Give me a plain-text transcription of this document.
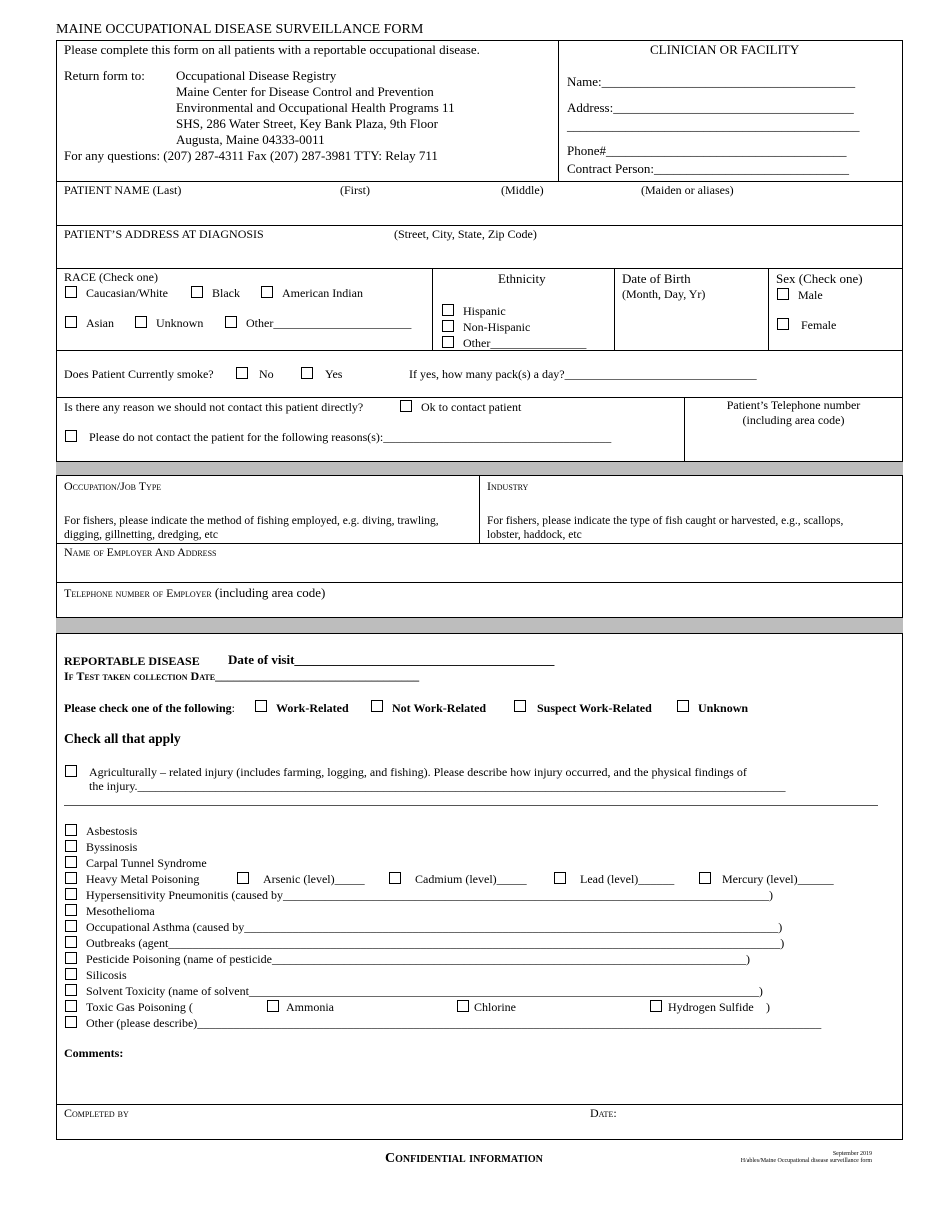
MAINE OCCUPATIONAL DISEASE SURVEILLANCE FORM
Please complete this form on all patients with a reportable occupational disease.
Return form to: Occupational Disease Registry
Maine Center for Disease Control and Prevention
Environmental and Occupational Health Programs 11
SHS, 286 Water Street, Key Bank Plaza, 9th Floor
Augusta, Maine 04333-0011
For any questions: (207) 287-4311 Fax (207) 287-3981 TTY: Relay 711
CLINICIAN OR FACILITY
Name:_______________________________________
Address:_____________________________________
_____________________________________________
Phone#_____________________________________
Contract Person:______________________________
PATIENT NAME (Last)	(First)	(Middle)	(Maiden or aliases)
PATIENT’S ADDRESS AT DIAGNOSIS	(Street, City, State, Zip Code)
RACE (Check one)
Caucasian/White	Black	American Indian
Asian	Unknown	Other_______________________
Ethnicity
Hispanic
Non-Hispanic
Other________________
Date of Birth
(Month, Day, Yr)
Sex (Check one)
Male
Female
Does Patient Currently smoke?	No	Yes	If yes, how many pack(s) a day?________________________________
Is there any reason we should not contact this patient directly?	Ok to contact patient
Please do not contact the patient for the following reasons(s):______________________________________
Patient’s Telephone number
(including area code)
Occupation/Job Type
For fishers, please indicate the method of fishing employed, e.g. diving, trawling,
digging, gillnetting, dredging, etc
Industry
For fishers, please indicate the type of fish caught or harvested, e.g., scallops,
lobster, haddock, etc
Name of Employer And Address
Telephone number of Employer (including area code)
REPORTABLE DISEASE Date of visit________________________________________
If Test taken collection Date__________________________________
Please check one of the following:	Work-Related	Not Work-Related	Suspect Work-Related	Unknown
Check all that apply
Agriculturally – related injury (includes farming, logging, and fishing). Please describe how injury occurred, and the physical findings of
the injury.____________________________________________________________________________________________________________
Asbestosis
Byssinosis
Carpal Tunnel Syndrome
Heavy Metal Poisoning	Arsenic (level)_____	Cadmium (level)_____	Lead (level)______	Mercury (level)______
Hypersensitivity Pneumonitis (caused by_________________________________________________________________________________)
Mesothelioma
Occupational Asthma (caused by_________________________________________________________________________________________)
Outbreaks (agent______________________________________________________________________________________________________)
Pesticide Poisoning (name of pesticide_______________________________________________________________________________)
Silicosis
Solvent Toxicity (name of solvent_____________________________________________________________________________________)
Toxic Gas Poisoning (	Ammonia	Chlorine	Hydrogen Sulfide )
Other (please describe)________________________________________________________________________________________________________
Comments:
Completed by	Date:
Confidential information	September 2019
H/ables/Maine Occupational disease surveillance form
